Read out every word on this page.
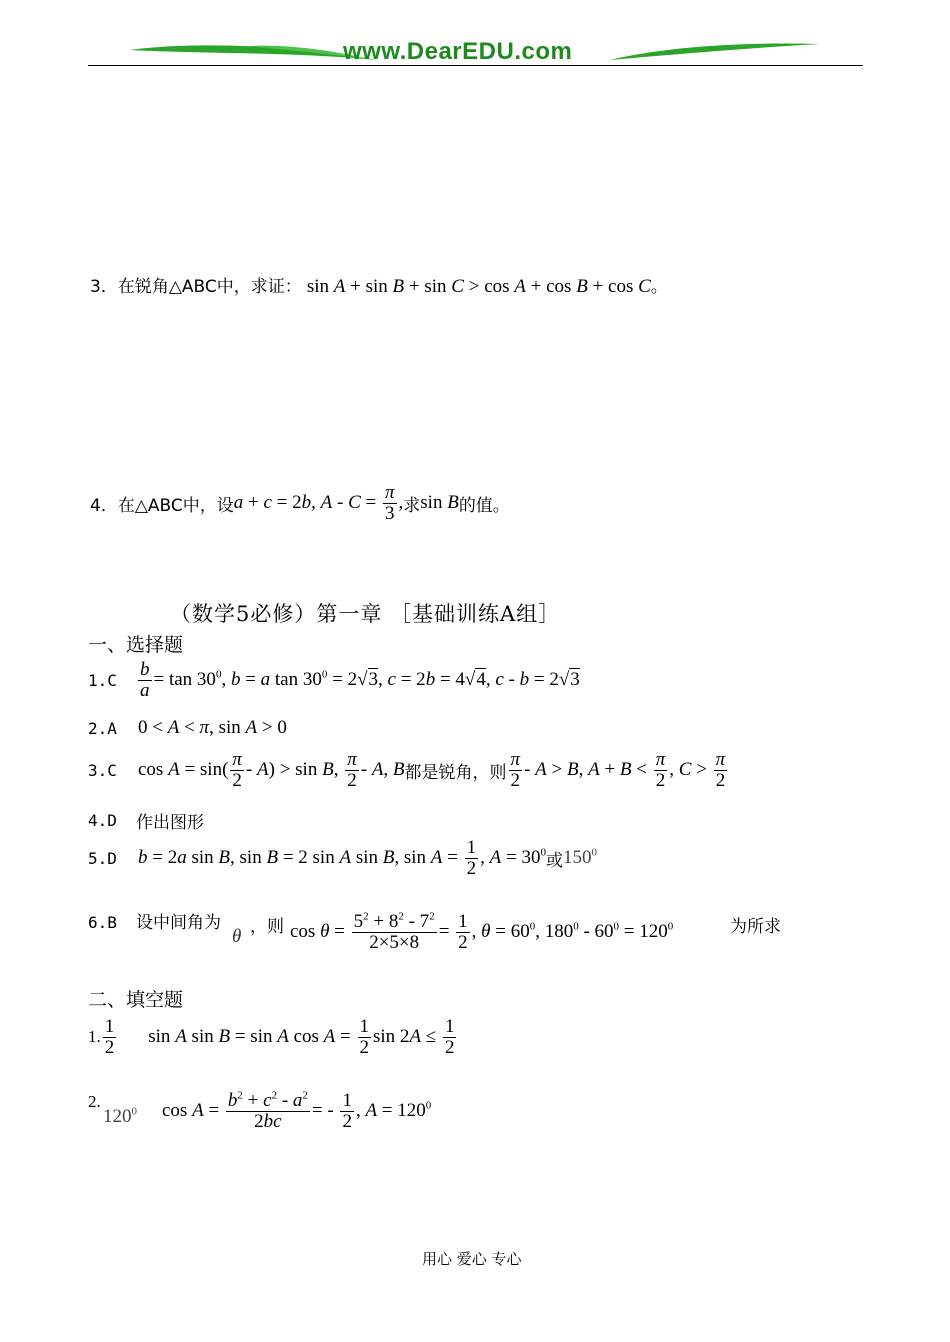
www.DearEDU.com
3．在锐角△ABC中，求证： sin A + sin B + sin C > cos A + cos B + cos C。
4． 在△ABC中，设 a + c = 2b, $A - C = \frac{\pi}{3}$ , 求 sin B 的值。
（数学5必修）第一章 ［基础训练A组］
一、选择题
1.C	$\frac{b}{a} = \tan 30^0$, b = a $\tan 30^0 = 2√3$, c = 2b = 4√4, c - b = 2√3
2.A	0 < A < π, sin A > 0
3.C	$\cos A = \sin( \frac{\pi}{2} - A) > \sin B$, $\frac{\pi}{2}$ - A, B 都是锐角，则 $\frac{\pi}{2} - A > B$, $A + B < \frac{\pi}{2}$ , $C > \frac{\pi}{2}$
4.D	作出图形
5.D	b = 2a sin B, sin B = 2 sin A sin B, $\sin A = \frac{1}{2}$ , $A = 30^0$ 或 $150^0$
6.B 设中间角为
θ ，则 $\cos \theta = \frac{5^2 + 8^2 - 7^2}{2\times 5\times 8} = \frac{1}{2}$ , $\theta = 60^0$, $180^0 - 60^0 = 120^0$	为所求
二、填空题
1. $\frac{1}{2}$ sin A sin B = sin A $\cos A = \frac{1}{2}$ $\sin 2A \le \frac{1}{2}$
2.
$120^0$ $\cos A = \frac{b^2 + c^2 - a^2}{2bc}$ = - $\frac{1}{2}$ , $A = 120^0$
用心 爱心 专心
